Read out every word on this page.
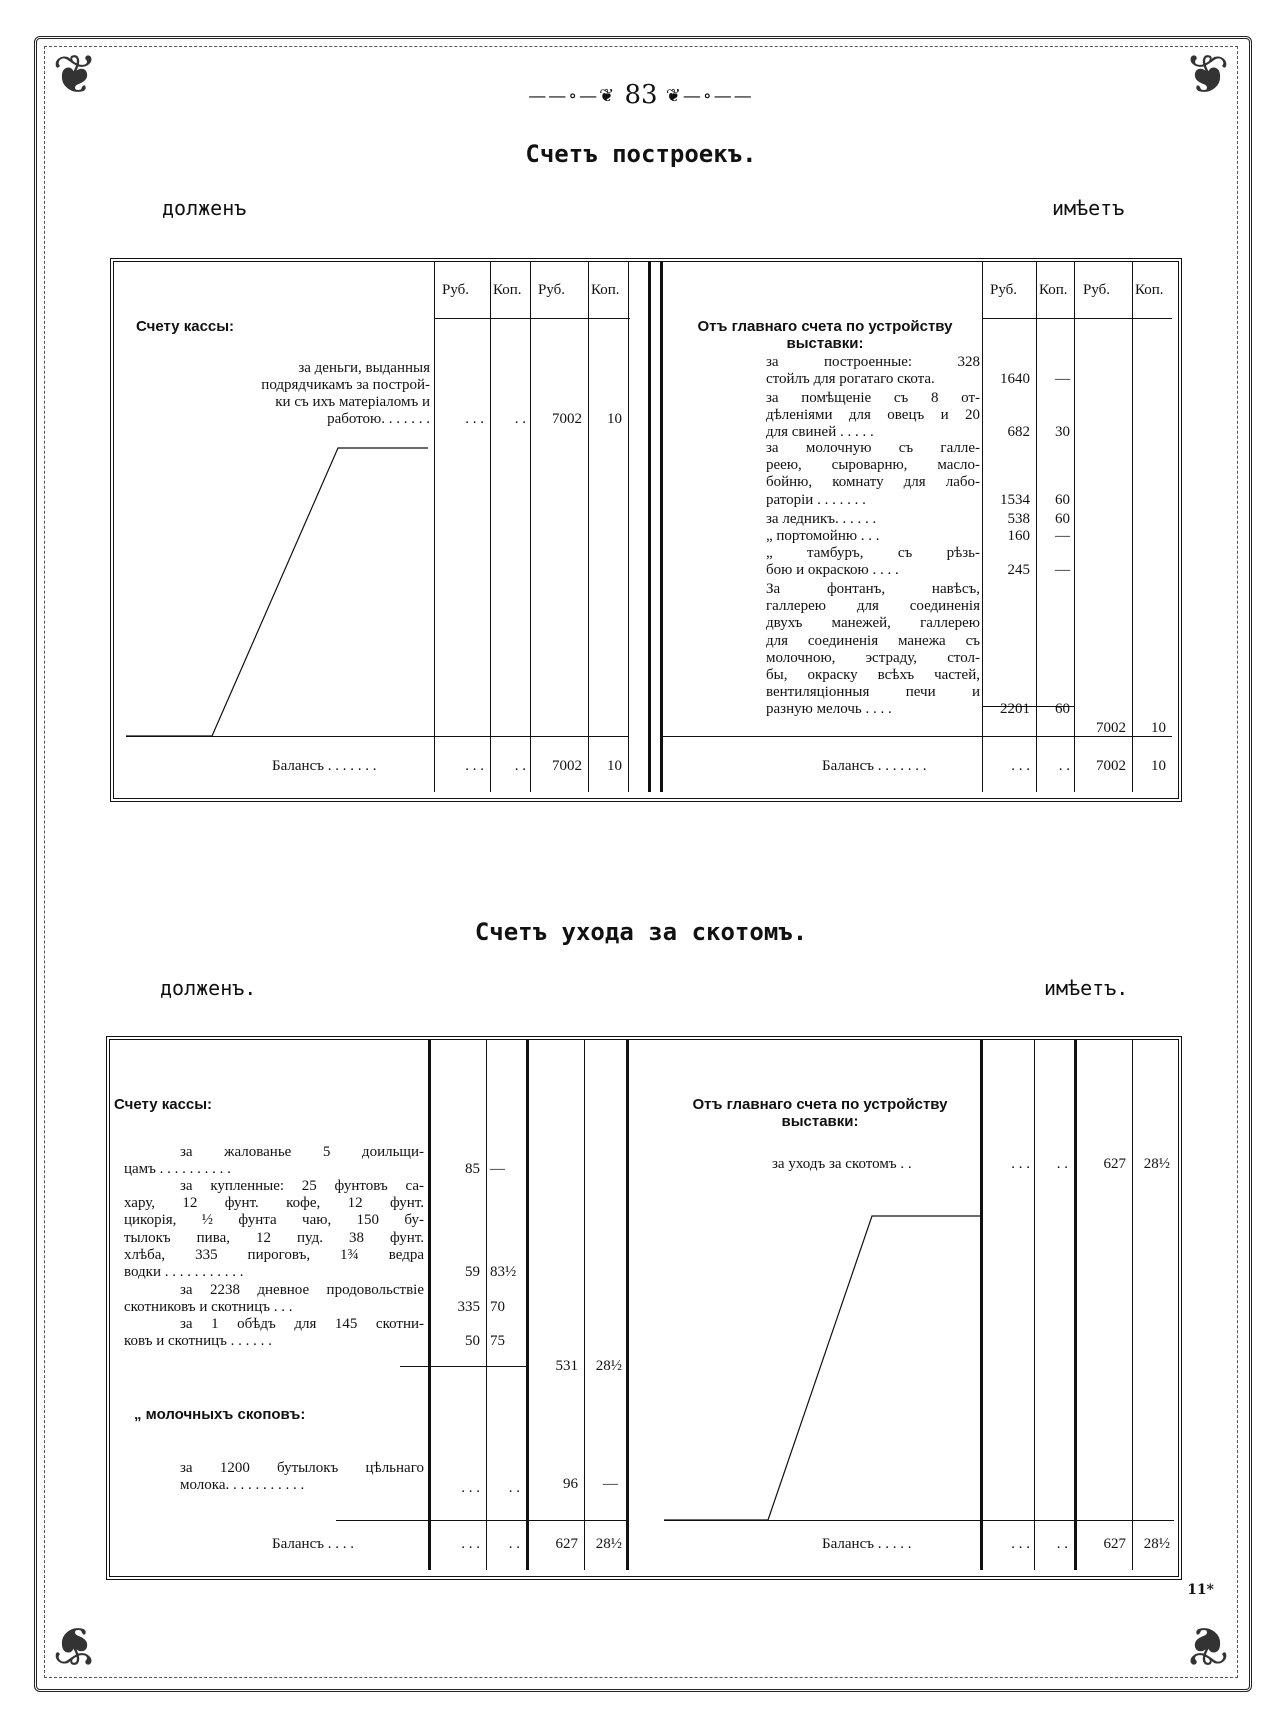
❦	❦
❦	❦
——∘—❦ 83 ❦—∘——
Счетъ построекъ.
долженъ	имѣетъ
Руб. Коп. Руб. Коп.	Руб. Коп. Руб. Коп.
Счету кассы:
за деньги, выданныя
подрядчикамъ за построй-
ки съ ихъ матеріаломъ и
работою. . . . . . .	. . .	. .	7002	10
Балансъ . . . . . . .	. . .	. .	7002	10
Отъ главнаго счета по устройству
выставки:
за построенные: 328
стойлъ для рогатаго скота.	1640	—
за помѣщеніе съ 8 от-
дѣленіями для овецъ и 20
для свиней . . . . .	682	30
за молочную съ галле-
реею, сыроварню, масло-
бойню, комнату для лабо-
раторіи . . . . . . .	1534	60
за ледникъ. . . . . .	538	60
„ портомойню . . .	160	—
„ тамбуръ, съ рѣзь-
бою и окраскою . . . .	245	—
За фонтанъ, навѣсъ,
галлерею для соединенія
двухъ манежей, галлерею
для соединенія манежа съ
молочною, эстраду, стол-
бы, окраску всѣхъ частей,
вентиляціонныя печи и
разную мелочь . . . .	2201	60
7002	10
Балансъ . . . . . . .	. . .	. .	7002	10
Счетъ ухода за скотомъ.
долженъ.	имѣетъ.
Счету кассы:
за жалованье 5 доильщи-
цамъ . . . . . . . . . .	85 —
за купленные: 25 фунтовъ са-
хару, 12 фунт. кофе, 12 фунт.
цикорія, ½ фунта чаю, 150 бу-
тылокъ пива, 12 пуд. 38 фунт.
хлѣба, 335 пироговъ, 1¾ ведра
водки . . . . . . . . . . .	59 83½
за 2238 дневное продовольствіе
скотниковъ и скотницъ . . .	335 70
за 1 обѣдъ для 145 скотни-
ковъ и скотницъ . . . . . .	50 75
531	28½
„ молочныхъ скоповъ:
за 1200 бутылокъ цѣльнаго
молока. . . . . . . . . . .	. . .	. .	96	—
Балансъ . . . .	. . .	. .	627	28½
Отъ главнаго счета по устройству
выставки:
за уходъ за скотомъ . .	. . .	. .	627	28½
Балансъ . . . . .	. . .	. .	627	28½
11*
